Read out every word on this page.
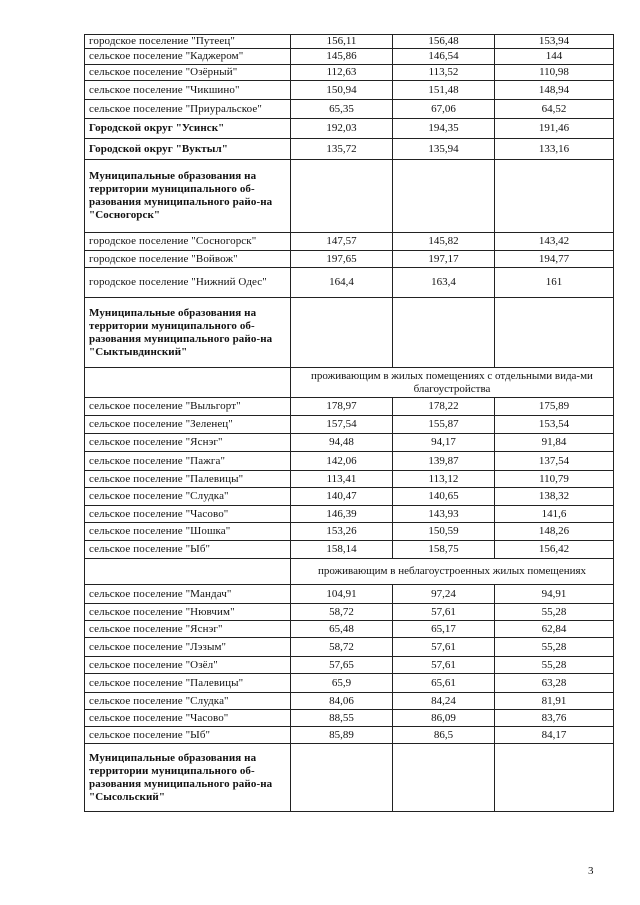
городское поселение "Путеец"	156,11	156,48	153,94
сельское поселение "Каджером"	145,86	146,54	144
сельское поселение "Озёрный"	112,63	113,52	110,98
сельское поселение "Чикшино"	150,94	151,48	148,94
сельское поселение "Приуральское"	65,35	67,06	64,52
Городской округ "Усинск"	192,03	194,35	191,46
Городской округ "Вуктыл"	135,72	135,94	133,16
Муниципальные образования на территории муниципального об-разования муниципального райо-на "Сосногорск"			
городское поселение "Сосногорск"	147,57	145,82	143,42
городское поселение "Войвож"	197,65	197,17	194,77
городское поселение "Нижний Одес"	164,4	163,4	161
Муниципальные образования на территории муниципального об-разования муниципального райо-на "Сыктывдинский"			
	проживающим в жилых помещениях с отдельными вида-ми благоустройства		
сельское поселение "Выльгорт"	178,97	178,22	175,89
сельское поселение "Зеленец"	157,54	155,87	153,54
сельское поселение "Яснэг"	94,48	94,17	91,84
сельское поселение "Пажга"	142,06	139,87	137,54
сельское поселение "Палевицы"	113,41	113,12	110,79
сельское поселение "Слудка"	140,47	140,65	138,32
сельское поселение "Часово"	146,39	143,93	141,6
сельское поселение "Шошка"	153,26	150,59	148,26
сельское поселение "Ыб"	158,14	158,75	156,42
	проживающим в неблагоустроенных жилых помещениях		
сельское поселение "Мандач"	104,91	97,24	94,91
сельское поселение "Нювчим"	58,72	57,61	55,28
сельское поселение "Яснэг"	65,48	65,17	62,84
сельское поселение "Лэзым"	58,72	57,61	55,28
сельское поселение "Озёл"	57,65	57,61	55,28
сельское поселение "Палевицы"	65,9	65,61	63,28
сельское поселение "Слудка"	84,06	84,24	81,91
сельское поселение "Часово"	88,55	86,09	83,76
сельское поселение "Ыб"	85,89	86,5	84,17
Муниципальные образования на территории муниципального об-разования муниципального райо-на "Сысольский"			
3
